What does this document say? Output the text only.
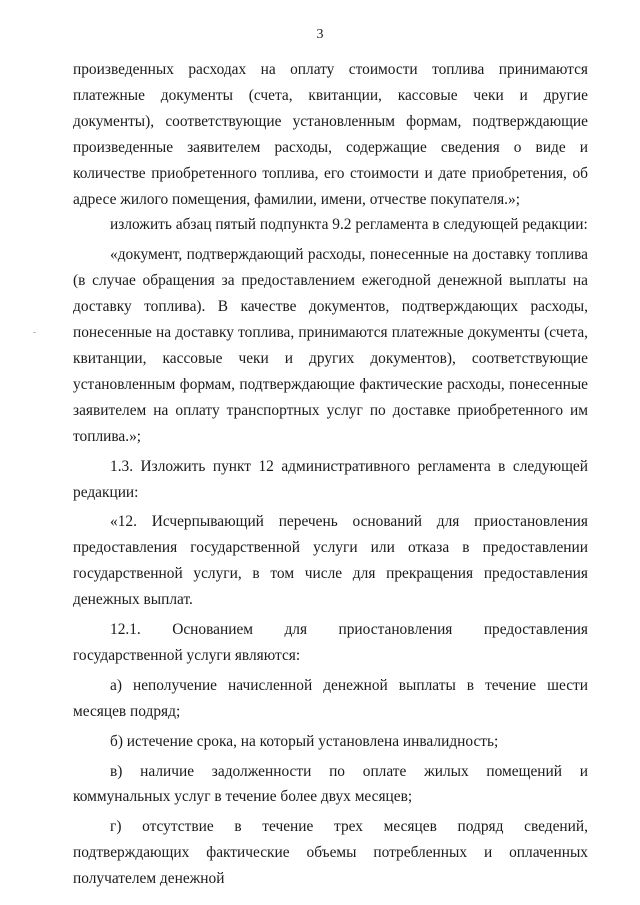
3

произведенных расходах на оплату стоимости топлива принимаются платежные документы (счета, квитанции, кассовые чеки и другие документы), соответствующие установленным формам, подтверждающие произведенные заявителем расходы, содержащие сведения о виде и количестве приобретенного топлива, его стоимости и дате приобретения, об адресе жилого помещения, фамилии, имени, отчестве покупателя.»;

изложить абзац пятый подпункта 9.2 регламента в следующей редакции:

«документ, подтверждающий расходы, понесенные на доставку топлива (в случае обращения за предоставлением ежегодной денежной выплаты на доставку топлива). В качестве документов, подтверждающих расходы, понесенные на доставку топлива, принимаются платежные документы (счета, квитанции, кассовые чеки и других документов), соответствующие установленным формам, подтверждающие фактические расходы, понесенные заявителем на оплату транспортных услуг по доставке приобретенного им топлива.»;

1.3. Изложить пункт 12 административного регламента в следующей редакции:

«12. Исчерпывающий перечень оснований для приостановления предоставления государственной услуги или отказа в предоставлении государственной услуги, в том числе для прекращения предоставления денежных выплат.

12.1. Основанием для приостановления предоставления государственной услуги являются:

а) неполучение начисленной денежной выплаты в течение шести месяцев подряд;

б) истечение срока, на который установлена инвалидность;

в) наличие задолженности по оплате жилых помещений и коммунальных услуг в течение более двух месяцев;

г) отсутствие в течение трех месяцев подряд сведений, подтверждающих фактические объемы потребленных и оплаченных получателем денежной
